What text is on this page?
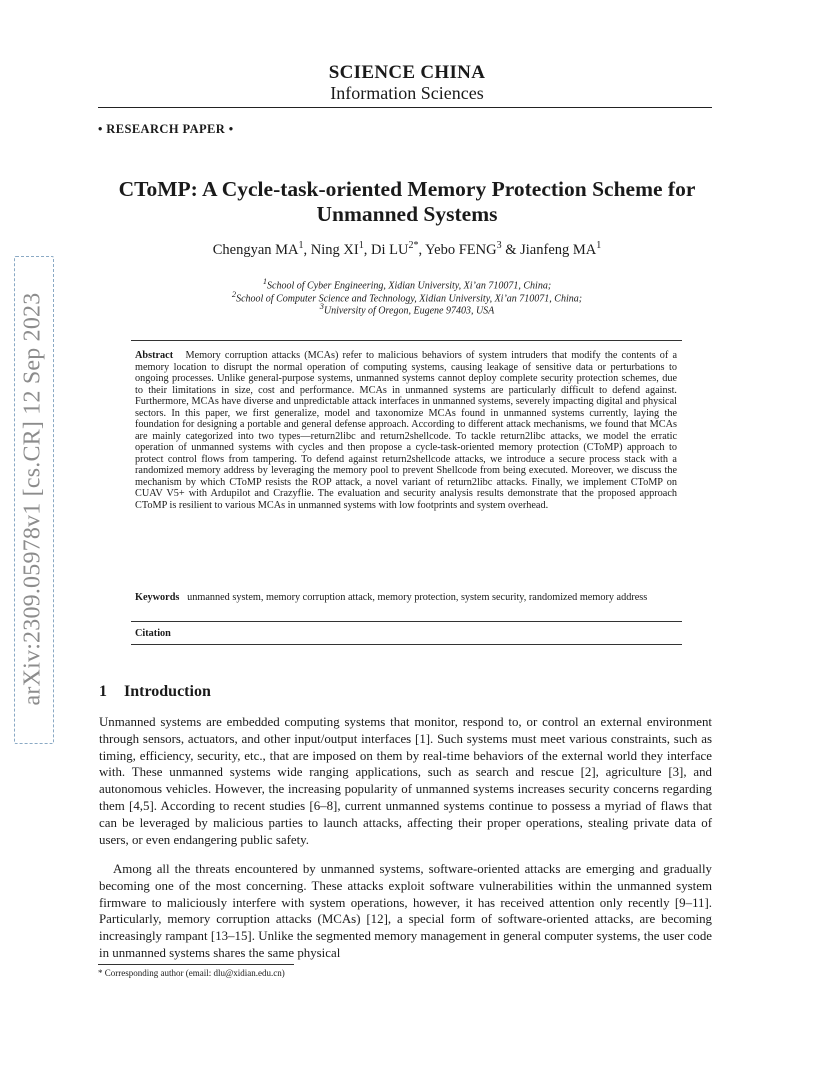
SCIENCE CHINA
Information Sciences
• RESEARCH PAPER •
CToMP: A Cycle-task-oriented Memory Protection Scheme for Unmanned Systems
Chengyan $MA^1$, Ning $XI^1$, Di $LU^{2*}$, Yebo FENG$^3$ & Jianfeng $MA^1$
$^1$School of Cyber Engineering, Xidian University, Xi’an 710071, China;
$^2$School of Computer Science and Technology, Xidian University, Xi’an 710071, China;
$^3$University of Oregon, Eugene 97403, USA
Abstract Memory corruption attacks (MCAs) refer to malicious behaviors of system intruders that modify the contents of a memory location to disrupt the normal operation of computing systems, causing leakage of sensitive data or perturbations to ongoing processes. Unlike general-purpose systems, unmanned systems cannot deploy complete security protection schemes, due to their limitations in size, cost and performance. MCAs in unmanned systems are particularly difficult to defend against. Furthermore, MCAs have diverse and unpredictable attack interfaces in unmanned systems, severely impacting digital and physical sectors. In this paper, we first generalize, model and taxonomize MCAs found in unmanned systems currently, laying the foundation for designing a portable and general defense approach. According to different attack mechanisms, we found that MCAs are mainly categorized into two types—return2libc and return2shellcode. To tackle return2libc attacks, we model the erratic operation of unmanned systems with cycles and then propose a cycle-task-oriented memory protection (CToMP) approach to protect control flows from tampering. To defend against return2shellcode attacks, we introduce a secure process stack with a randomized memory address by leveraging the memory pool to prevent Shellcode from being executed. Moreover, we discuss the mechanism by which CToMP resists the ROP attack, a novel variant of return2libc attacks. Finally, we implement CToMP on CUAV V5+ with Ardupilot and Crazyflie. The evaluation and security analysis results demonstrate that the proposed approach CToMP is resilient to various MCAs in unmanned systems with low footprints and system overhead.
Keywords unmanned system, memory corruption attack, memory protection, system security, randomized memory address
Citation
arXiv:2309.05978v1 [cs.CR] 12 Sep 2023	1 Introduction
Unmanned systems are embedded computing systems that monitor, respond to, or control an external environment through sensors, actuators, and other input/output interfaces [1]. Such systems must meet various constraints, such as timing, efficiency, security, etc., that are imposed on them by real-time behaviors of the external world they interface with. These unmanned systems wide ranging applications, such as search and rescue [2], agriculture [3], and autonomous vehicles. However, the increasing popularity of unmanned systems increases security concerns regarding them [4,5]. According to recent studies [6–8], current unmanned systems continue to possess a myriad of flaws that can be leveraged by malicious parties to launch attacks, affecting their proper operations, stealing private data of users, or even endangering public safety.
Among all the threats encountered by unmanned systems, software-oriented attacks are emerging and gradually becoming one of the most concerning. These attacks exploit software vulnerabilities within the unmanned system firmware to maliciously interfere with system operations, however, it has received attention only recently [9–11]. Particularly, memory corruption attacks (MCAs) [12], a special form of software-oriented attacks, are becoming increasingly rampant [13–15]. Unlike the segmented memory management in general computer systems, the user code in unmanned systems shares the same physical
* Corresponding author (email: dlu@xidian.edu.cn)
